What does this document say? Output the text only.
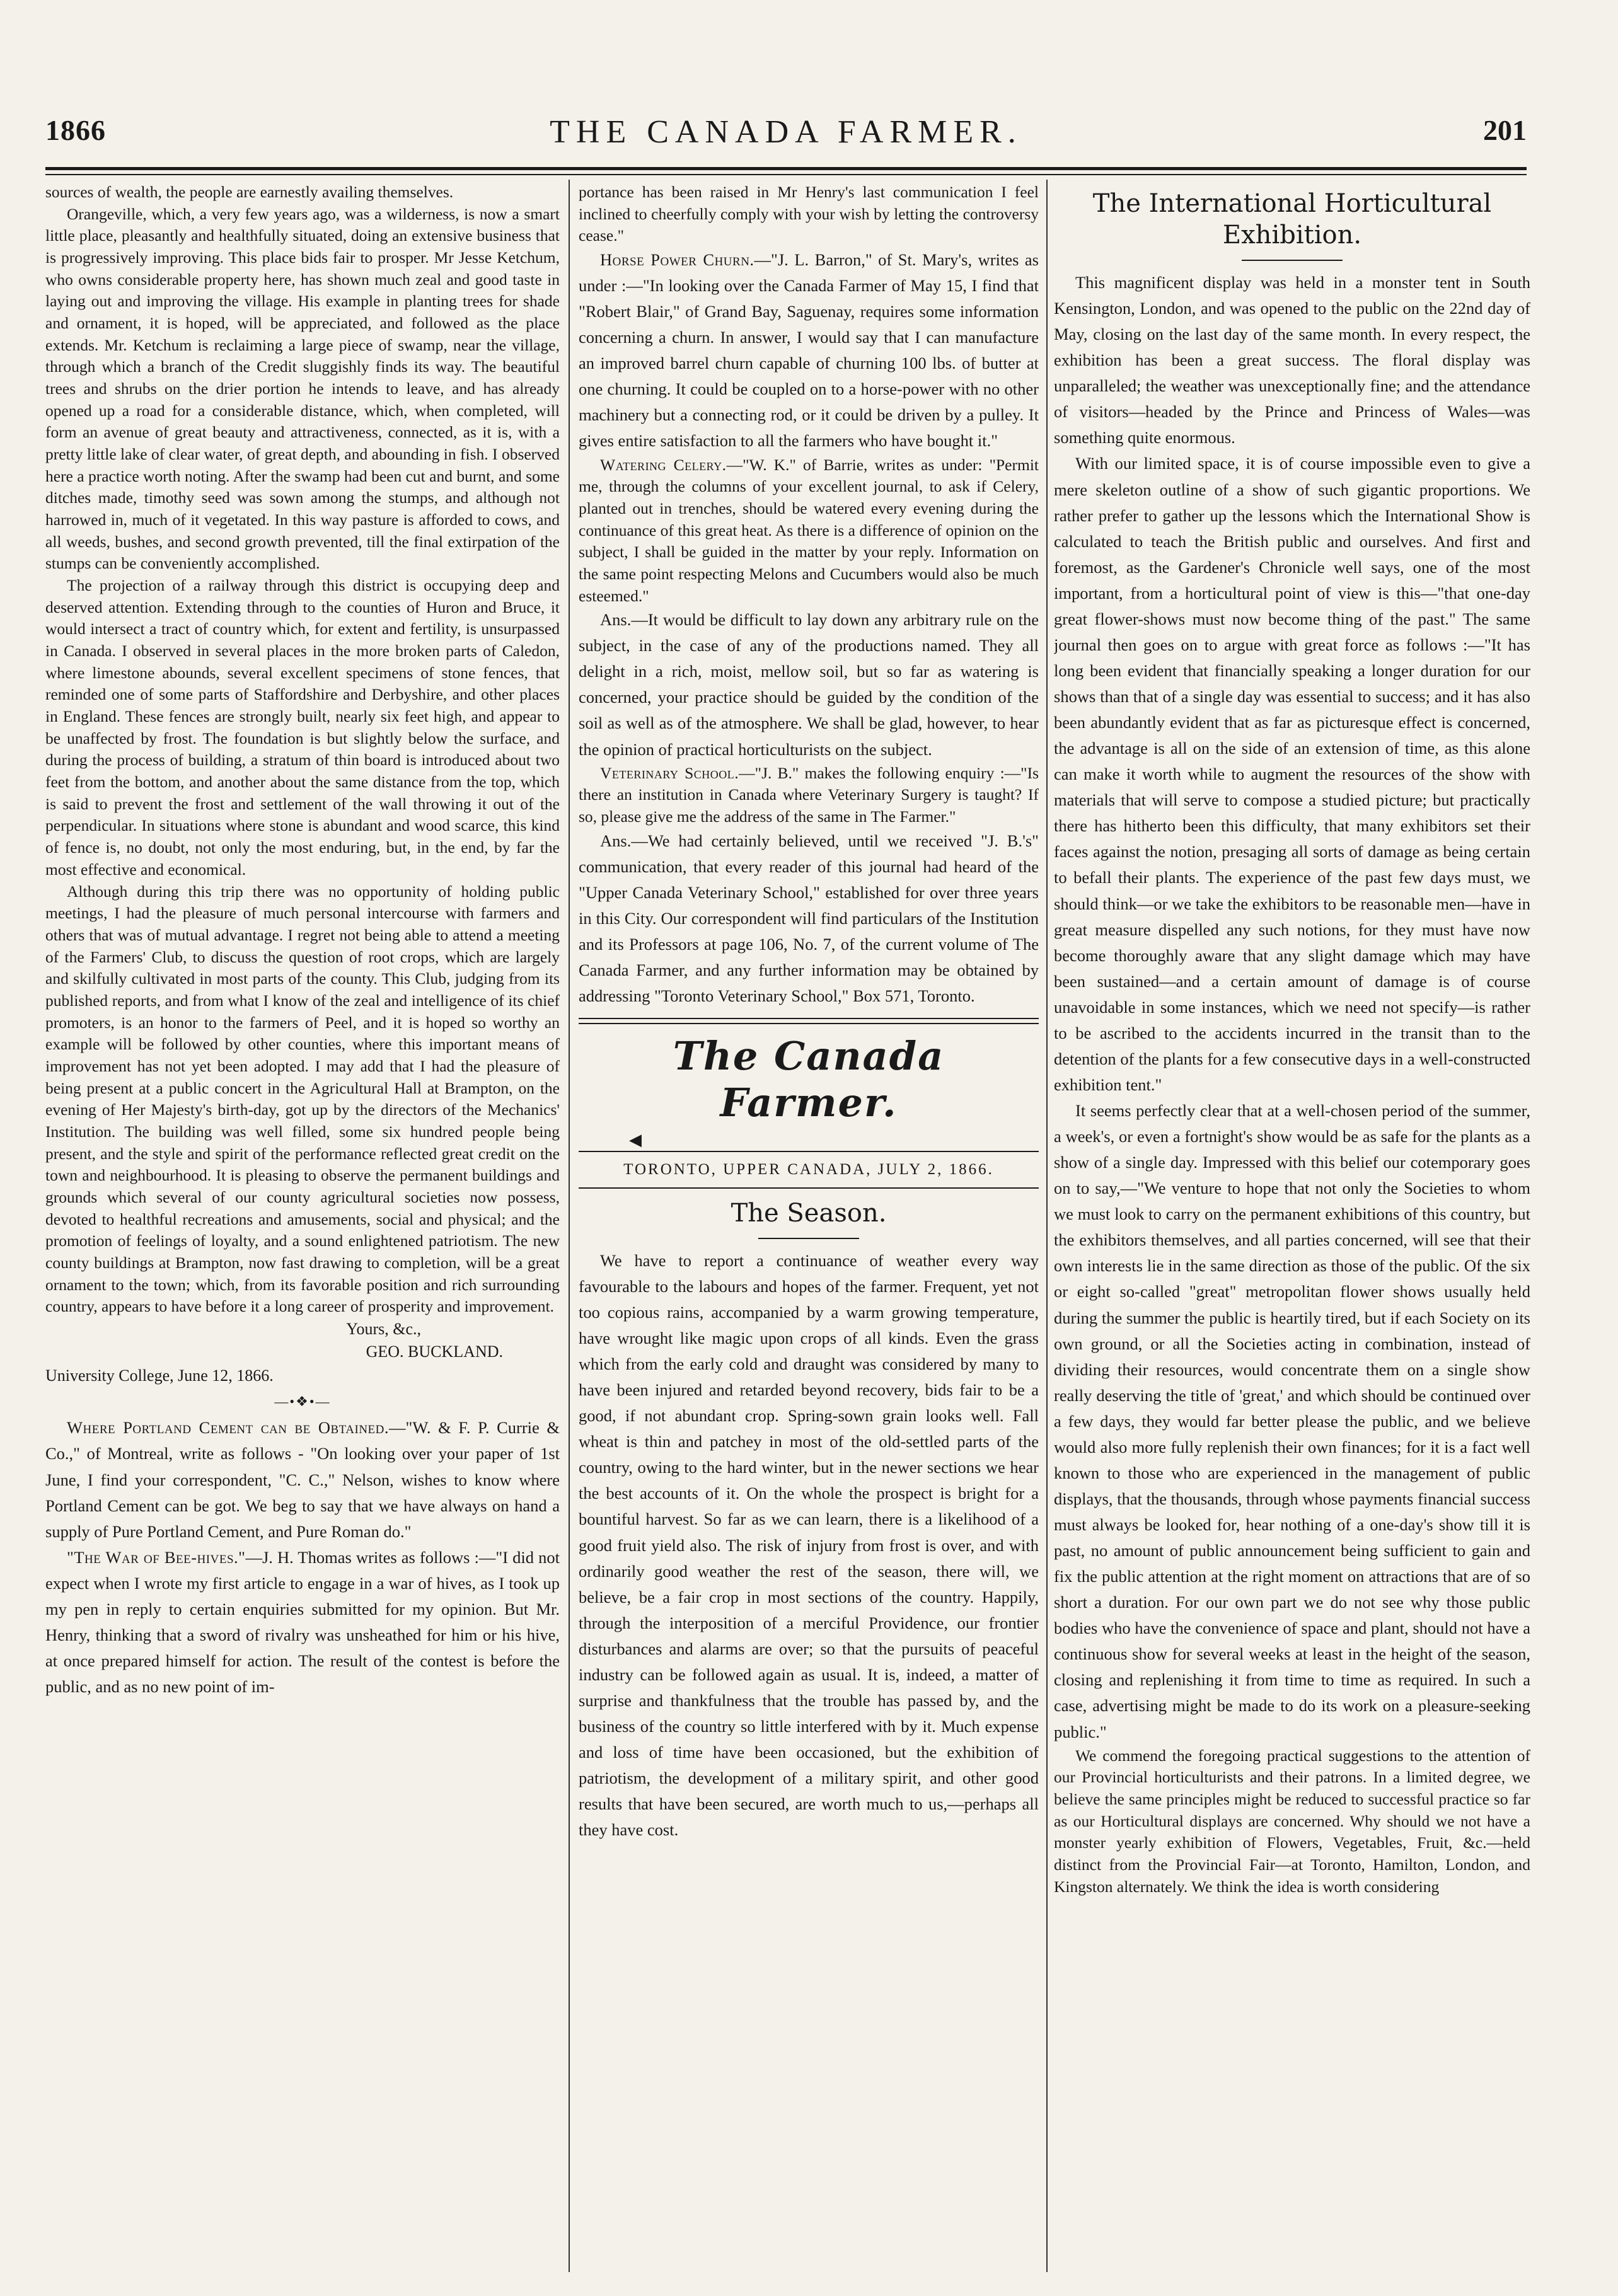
1866	THE CANADA FARMER.	201

sources of wealth, the people are earnestly availing themselves.

Orangeville, which, a very few years ago, was a wilderness, is now a smart little place, pleasantly and healthfully situated, doing an extensive business that is progressively improving. This place bids fair to prosper. Mr Jesse Ketchum, who owns considerable property here, has shown much zeal and good taste in laying out and improving the village. His example in planting trees for shade and ornament, it is hoped, will be appreciated, and followed as the place extends. Mr. Ketchum is reclaiming a large piece of swamp, near the village, through which a branch of the Credit sluggishly finds its way. The beautiful trees and shrubs on the drier portion he intends to leave, and has already opened up a road for a considerable distance, which, when completed, will form an avenue of great beauty and attractiveness, connected, as it is, with a pretty little lake of clear water, of great depth, and abounding in fish. I observed here a practice worth noting. After the swamp had been cut and burnt, and some ditches made, timothy seed was sown among the stumps, and although not harrowed in, much of it vegetated. In this way pasture is afforded to cows, and all weeds, bushes, and second growth prevented, till the final extirpation of the stumps can be conveniently accomplished.

The projection of a railway through this district is occupying deep and deserved attention. Extending through to the counties of Huron and Bruce, it would intersect a tract of country which, for extent and fertility, is unsurpassed in Canada. I observed in several places in the more broken parts of Caledon, where limestone abounds, several excellent specimens of stone fences, that reminded one of some parts of Staffordshire and Derbyshire, and other places in England. These fences are strongly built, nearly six feet high, and appear to be unaffected by frost. The foundation is but slightly below the surface, and during the process of building, a stratum of thin board is introduced about two feet from the bottom, and another about the same distance from the top, which is said to prevent the frost and settlement of the wall throwing it out of the perpendicular. In situations where stone is abundant and wood scarce, this kind of fence is, no doubt, not only the most enduring, but, in the end, by far the most effective and economical.

Although during this trip there was no opportunity of holding public meetings, I had the pleasure of much personal intercourse with farmers and others that was of mutual advantage. I regret not being able to attend a meeting of the Farmers' Club, to discuss the question of root crops, which are largely and skilfully cultivated in most parts of the county. This Club, judging from its published reports, and from what I know of the zeal and intelligence of its chief promoters, is an honor to the farmers of Peel, and it is hoped so worthy an example will be followed by other counties, where this important means of improvement has not yet been adopted. I may add that I had the pleasure of being present at a public concert in the Agricultural Hall at Brampton, on the evening of Her Majesty's birth-day, got up by the directors of the Mechanics' Institution. The building was well filled, some six hundred people being present, and the style and spirit of the performance reflected great credit on the town and neighbourhood. It is pleasing to observe the permanent buildings and grounds which several of our county agricultural societies now possess, devoted to healthful recreations and amusements, social and physical; and the promotion of feelings of loyalty, and a sound enlightened patriotism. The new county buildings at Brampton, now fast drawing to completion, will be a great ornament to the town; which, from its favorable position and rich surrounding country, appears to have before it a long career of prosperity and improvement.

Yours, &c.,

GEO. BUCKLAND.

University College, June 12, 1866.

—•❖•—

Where Portland Cement can be Obtained.—"W. & F. P. Currie & Co.," of Montreal, write as follows - "On looking over your paper of 1st June, I find your correspondent, "C. C.," Nelson, wishes to know where Portland Cement can be got. We beg to say that we have always on hand a supply of Pure Portland Cement, and Pure Roman do."

"The War of Bee-hives."—J. H. Thomas writes as follows :—"I did not expect when I wrote my first article to engage in a war of hives, as I took up my pen in reply to certain enquiries submitted for my opinion. But Mr. Henry, thinking that a sword of rivalry was unsheathed for him or his hive, at once prepared himself for action. The result of the contest is before the public, and as no new point of im-

portance has been raised in Mr Henry's last communication I feel inclined to cheerfully comply with your wish by letting the controversy cease."

Horse Power Churn.—"J. L. Barron," of St. Mary's, writes as under :—"In looking over the Canada Farmer of May 15, I find that "Robert Blair," of Grand Bay, Saguenay, requires some information concerning a churn. In answer, I would say that I can manufacture an improved barrel churn capable of churning 100 lbs. of butter at one churning. It could be coupled on to a horse-power with no other machinery but a connecting rod, or it could be driven by a pulley. It gives entire satisfaction to all the farmers who have bought it."

Watering Celery.—"W. K." of Barrie, writes as under: "Permit me, through the columns of your excellent journal, to ask if Celery, planted out in trenches, should be watered every evening during the continuance of this great heat. As there is a difference of opinion on the subject, I shall be guided in the matter by your reply. Information on the same point respecting Melons and Cucumbers would also be much esteemed."

Ans.—It would be difficult to lay down any arbitrary rule on the subject, in the case of any of the productions named. They all delight in a rich, moist, mellow soil, but so far as watering is concerned, your practice should be guided by the condition of the soil as well as of the atmosphere. We shall be glad, however, to hear the opinion of practical horticulturists on the subject.

Veterinary School.—"J. B." makes the following enquiry :—"Is there an institution in Canada where Veterinary Surgery is taught? If so, please give me the address of the same in The Farmer."

Ans.—We had certainly believed, until we received "J. B.'s" communication, that every reader of this journal had heard of the "Upper Canada Veterinary School," established for over three years in this City. Our correspondent will find particulars of the Institution and its Professors at page 106, No. 7, of the current volume of The Canada Farmer, and any further information may be obtained by addressing "Toronto Veterinary School," Box 571, Toronto.

The Canada Farmer.
◀
TORONTO, UPPER CANADA, JULY 2, 1866.
The Season.

We have to report a continuance of weather every way favourable to the labours and hopes of the farmer. Frequent, yet not too copious rains, accompanied by a warm growing temperature, have wrought like magic upon crops of all kinds. Even the grass which from the early cold and draught was considered by many to have been injured and retarded beyond recovery, bids fair to be a good, if not abundant crop. Spring-sown grain looks well. Fall wheat is thin and patchey in most of the old-settled parts of the country, owing to the hard winter, but in the newer sections we hear the best accounts of it. On the whole the prospect is bright for a bountiful harvest. So far as we can learn, there is a likelihood of a good fruit yield also. The risk of injury from frost is over, and with ordinarily good weather the rest of the season, there will, we believe, be a fair crop in most sections of the country. Happily, through the interposition of a merciful Providence, our frontier disturbances and alarms are over; so that the pursuits of peaceful industry can be followed again as usual. It is, indeed, a matter of surprise and thankfulness that the trouble has passed by, and the business of the country so little interfered with by it. Much expense and loss of time have been occasioned, but the exhibition of patriotism, the development of a military spirit, and other good results that have been secured, are worth much to us,—perhaps all they have cost.

The International Horticultural Exhibition.

This magnificent display was held in a monster tent in South Kensington, London, and was opened to the public on the 22nd day of May, closing on the last day of the same month. In every respect, the exhibition has been a great success. The floral display was unparalleled; the weather was unexceptionally fine; and the attendance of visitors—headed by the Prince and Princess of Wales—was something quite enormous.

With our limited space, it is of course impossible even to give a mere skeleton outline of a show of such gigantic proportions. We rather prefer to gather up the lessons which the International Show is calculated to teach the British public and ourselves. And first and foremost, as the Gardener's Chronicle well says, one of the most important, from a horticultural point of view is this—"that one-day great flower-shows must now become thing of the past." The same journal then goes on to argue with great force as follows :—"It has long been evident that financially speaking a longer duration for our shows than that of a single day was essential to success; and it has also been abundantly evident that as far as picturesque effect is concerned, the advantage is all on the side of an extension of time, as this alone can make it worth while to augment the resources of the show with materials that will serve to compose a studied picture; but practically there has hitherto been this difficulty, that many exhibitors set their faces against the notion, presaging all sorts of damage as being certain to befall their plants. The experience of the past few days must, we should think—or we take the exhibitors to be reasonable men—have in great measure dispelled any such notions, for they must have now become thoroughly aware that any slight damage which may have been sustained—and a certain amount of damage is of course unavoidable in some instances, which we need not specify—is rather to be ascribed to the accidents incurred in the transit than to the detention of the plants for a few consecutive days in a well-constructed exhibition tent."

It seems perfectly clear that at a well-chosen period of the summer, a week's, or even a fortnight's show would be as safe for the plants as a show of a single day. Impressed with this belief our cotemporary goes on to say,—"We venture to hope that not only the Societies to whom we must look to carry on the permanent exhibitions of this country, but the exhibitors themselves, and all parties concerned, will see that their own interests lie in the same direction as those of the public. Of the six or eight so-called "great" metropolitan flower shows usually held during the summer the public is heartily tired, but if each Society on its own ground, or all the Societies acting in combination, instead of dividing their resources, would concentrate them on a single show really deserving the title of 'great,' and which should be continued over a few days, they would far better please the public, and we believe would also more fully replenish their own finances; for it is a fact well known to those who are experienced in the management of public displays, that the thousands, through whose payments financial success must always be looked for, hear nothing of a one-day's show till it is past, no amount of public announcement being sufficient to gain and fix the public attention at the right moment on attractions that are of so short a duration. For our own part we do not see why those public bodies who have the convenience of space and plant, should not have a continuous show for several weeks at least in the height of the season, closing and replenishing it from time to time as required. In such a case, advertising might be made to do its work on a pleasure-seeking public."

We commend the foregoing practical suggestions to the attention of our Provincial horticulturists and their patrons. In a limited degree, we believe the same principles might be reduced to successful practice so far as our Horticultural displays are concerned. Why should we not have a monster yearly exhibition of Flowers, Vegetables, Fruit, &c.—held distinct from the Provincial Fair—at Toronto, Hamilton, London, and Kingston alternately. We think the idea is worth considering
